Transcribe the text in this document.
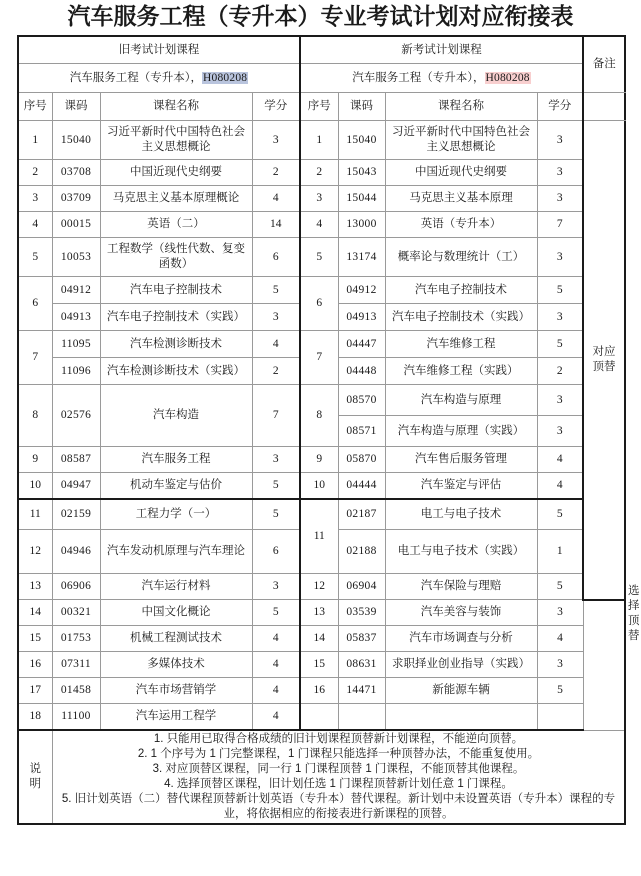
汽车服务工程（专升本）专业考试计划对应衔接表
旧考试计划课程				新考试计划课程				备注	
汽车服务工程（专升本），H080208				汽车服务工程（专升本），H080208					
序号	课码	课程名称	学分	序号	课码	课程名称	学分		
1	15040	习近平新时代中国特色社会主义思想概论	3	1	15040	习近平新时代中国特色社会主义思想概论	3	对应
顶替	

2	03708	中国近现代史纲要	2	2	15043	中国近现代史纲要	3		
3	03709	马克思主义基本原理概论	4	3	15044	马克思主义基本原理	3		
4	00015	英语（二）	14	4	13000	英语（专升本）	7		
5	10053	工程数学（线性代数、复变函数）	6	5	13174	概率论与数理统计（工）	3		
6	04912	汽车电子控制技术	5	6	04912	汽车电子控制技术	5		
	04913	汽车电子控制技术（实践）	3		04913	汽车电子控制技术（实践）	3		
7	11095	汽车检测诊断技术	4	7	04447	汽车维修工程	5		
	11096	汽车检测诊断技术（实践）	2		04448	汽车维修工程（实践）	2		
8	02576	汽车构造	7	8	08570	汽车构造与原理	3		
					08571	汽车构造与原理（实践）	3		
9	08587	汽车服务工程	3	9	05870	汽车售后服务管理	4		
10	04947	机动车鉴定与估价	5	10	04444	汽车鉴定与评估	4		
11	02159	工程力学（一）	5	11	02187	电工与电子技术	5		选择
顶替

12	04946	汽车发动机原理与汽车理论	6		02188	电工与电子技术（实践）	1		
13	06906	汽车运行材料	3	12	06904	汽车保险与理赔	5		
14	00321	中国文化概论	5	13	03539	汽车美容与装饰	3		
15	01753	机械工程测试技术	4	14	05837	汽车市场调查与分析	4		
16	07311	多媒体技术	4	15	08631	求职择业创业指导（实践）	3		
17	01458	汽车市场营销学	4	16	14471	新能源车辆	5		
18	11100	汽车运用工程学	4						

说
明

1. 只能用已取得合格成绩的旧计划课程顶替新计划课程，不能逆向顶替。

2. 1 个序号为 1 门完整课程，1 门课程只能选择一种顶替办法，不能重复使用。

3. 对应顶替区课程，同一行 1 门课程顶替 1 门课程，不能顶替其他课程。

4. 选择顶替区课程，旧计划任选 1 门课程顶替新计划任意 1 门课程。

5. 旧计划英语（二）替代课程顶替新计划英语（专升本）替代课程。新计划中未设置英语（专升本）课程的专业，将依据相应的衔接表进行新课程的顶替。
